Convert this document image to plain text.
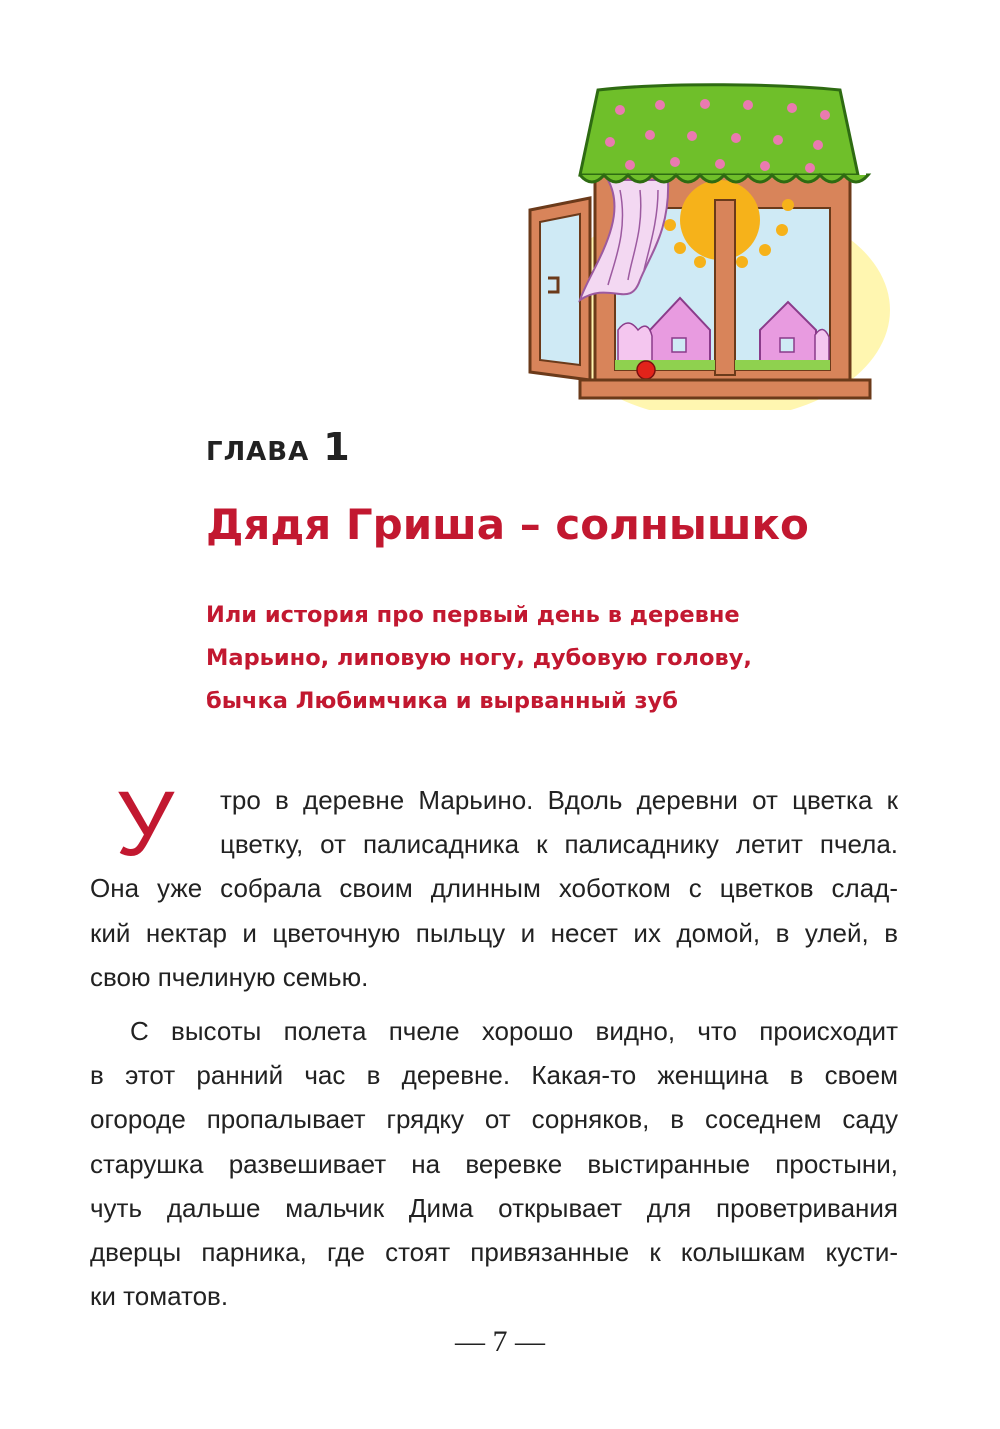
ГЛАВА 1
Дядя Гриша – солнышко
Или история про первый день в деревне
Марьино, липовую ногу, дубовую голову,
бычка Любимчика и вырванный зуб
У	тро в деревне Марьино. Вдоль деревни от цветка к
цветку, от палисадника к палисаднику летит пчела.
Она уже собрала своим длинным хоботком с цветков слад-
кий нектар и цветочную пыльцу и несет их домой, в улей, в
свою пчелиную семью.
С высоты полета пчеле хорошо видно, что происходит
в этот ранний час в деревне. Какая-то женщина в своем
огороде пропалывает грядку от сорняков, в соседнем саду
старушка развешивает на веревке выстиранные простыни,
чуть дальше мальчик Дима открывает для проветривания
дверцы парника, где стоят привязанные к колышкам кусти-
ки томатов.
— 7 —
